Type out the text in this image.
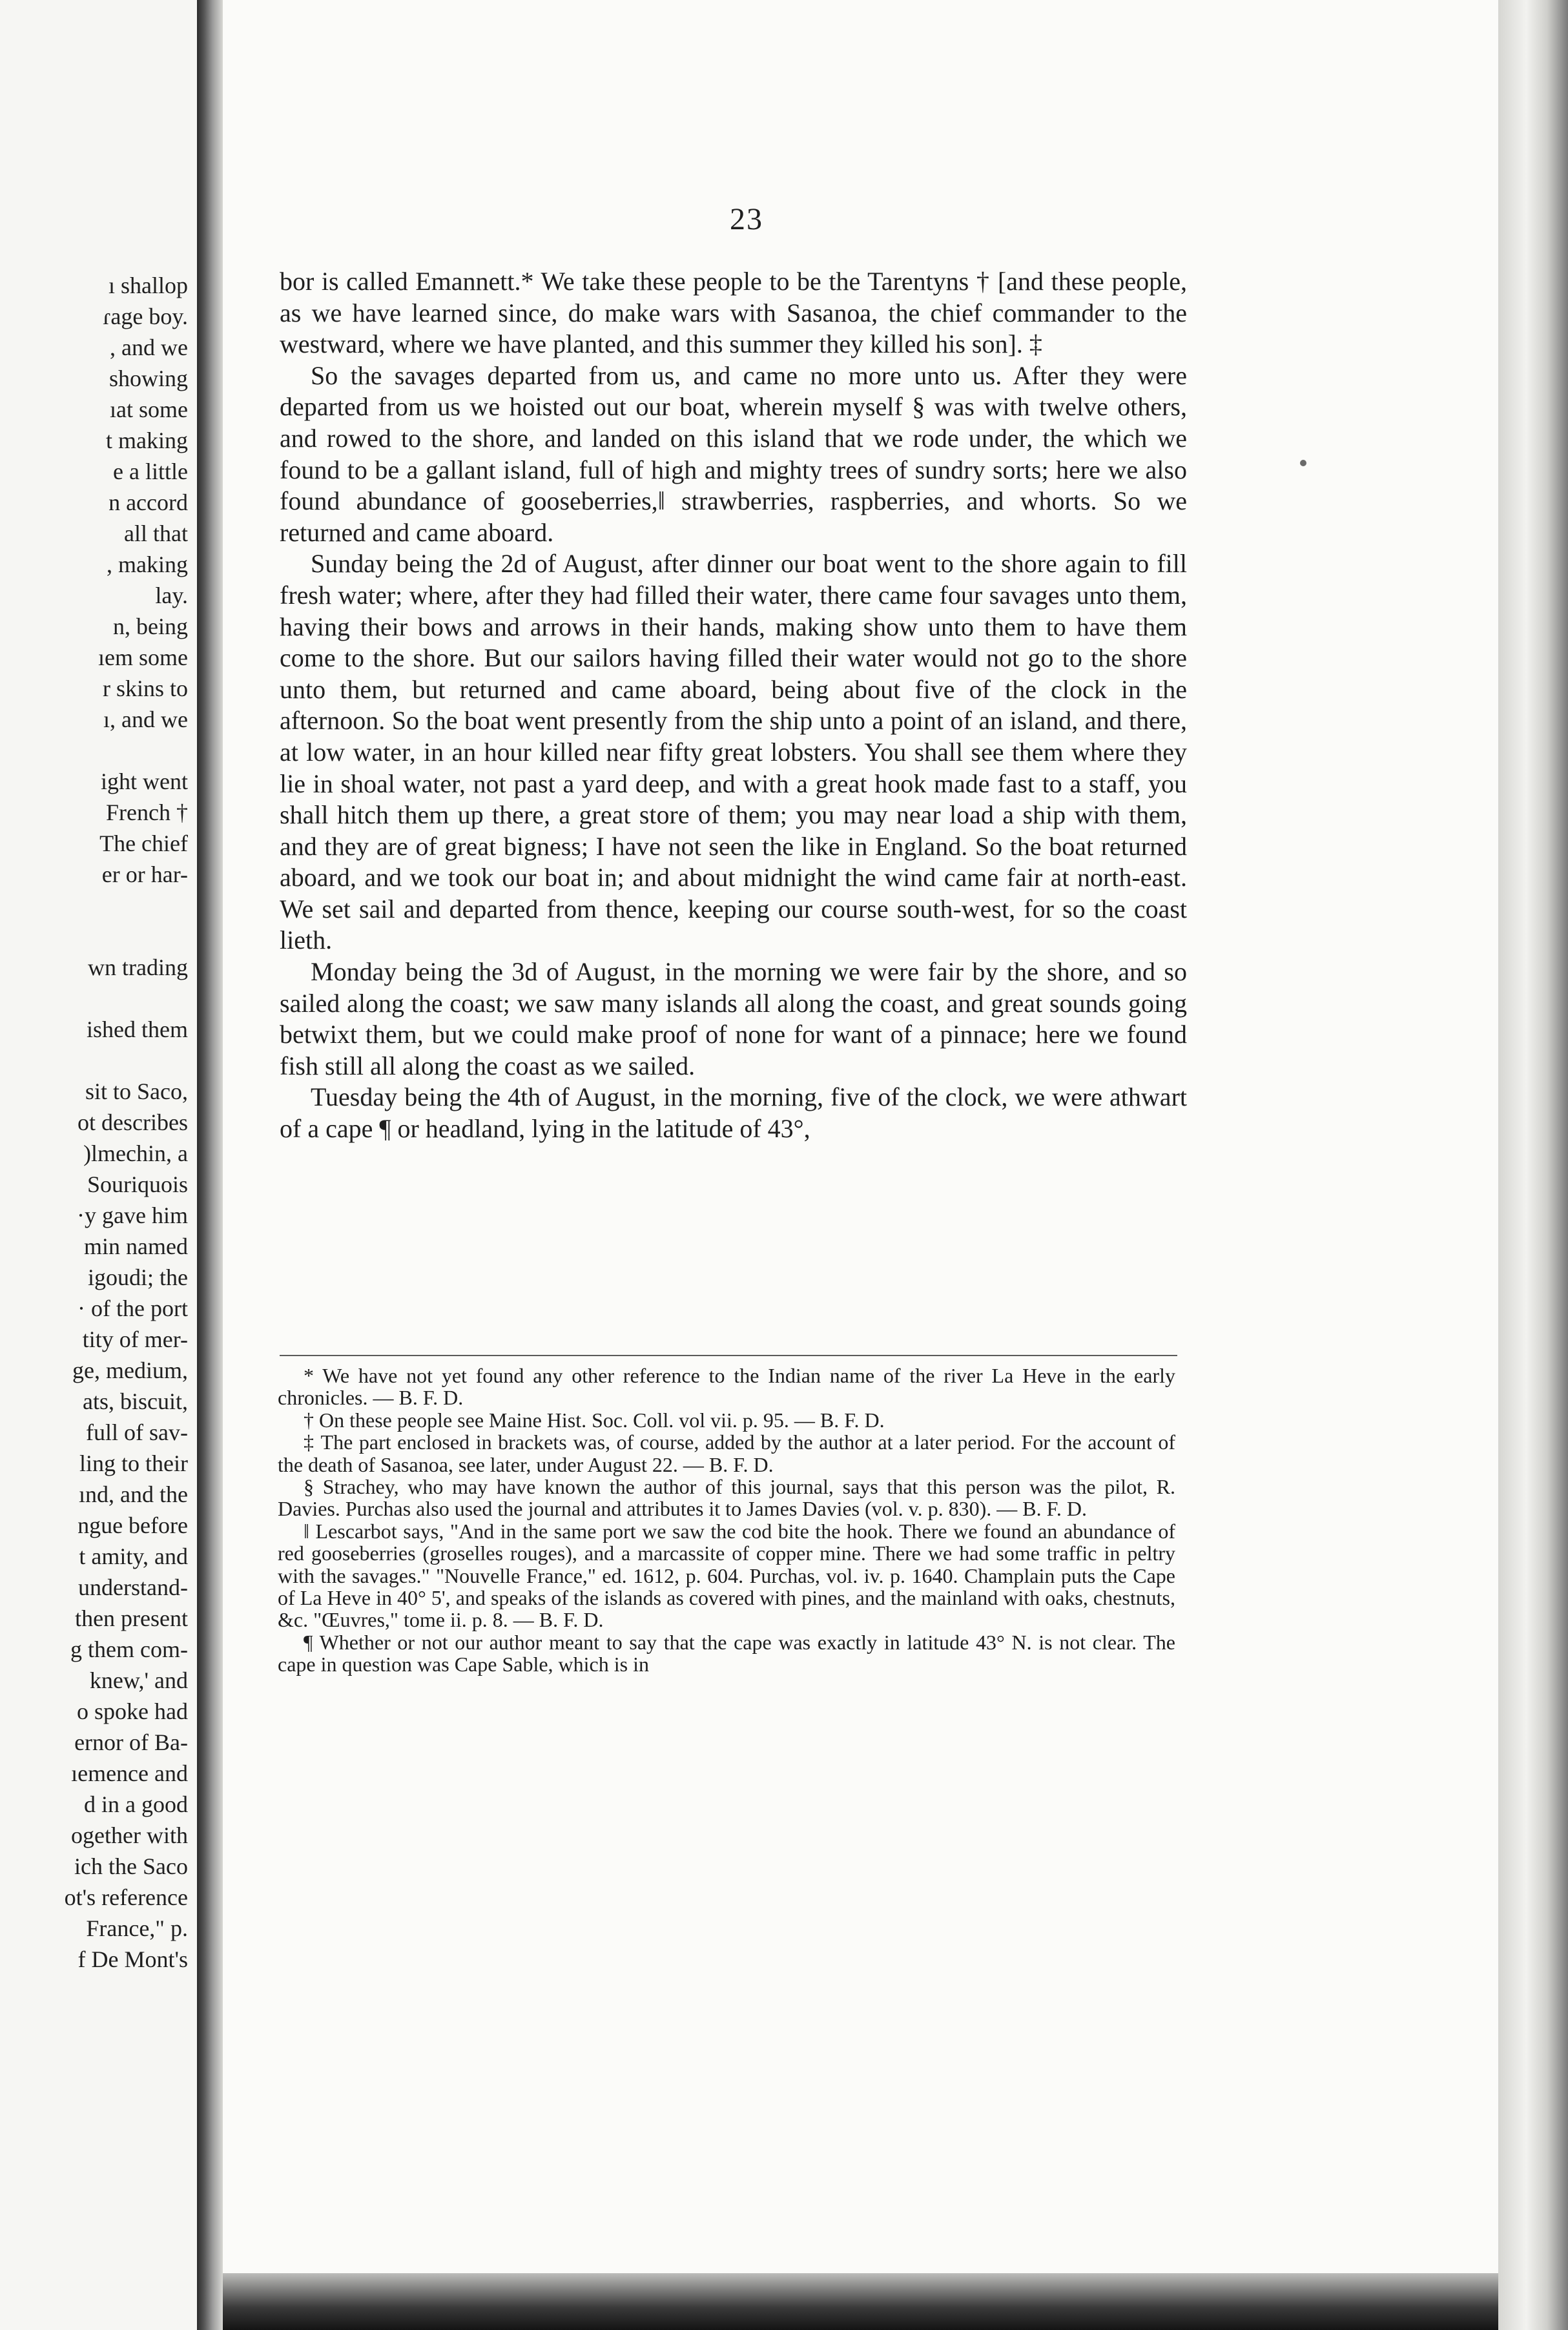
ı shallop
ɾage boy.
, and we
showing
ıat some
t making
e a little
n accord
all that
, making
lay.
n, being
ıem some
r skins to
ı, and we
ight went
French †
The chief
er or har-
wn trading
ished them
sit to Saco,
ot describes
)lmechin, a
Souriquois
·y gave him
min named
igoudi; the
· of the port
tity of mer-
ge, medium,
ats, biscuit,
full of sav-
ling to their
ınd, and the
ngue before
t amity, and
understand-
then present
g them com-
knew,' and
o spoke had
ernor of Ba-
ıemence and
d in a good
ogether with
ich the Saco
ot's reference
France," p.
f De Mont's
23

bor is called Emannett.* We take these people to be the Tarentyns † [and these people, as we have learned since, do make wars with Sasanoa, the chief commander to the westward, where we have planted, and this summer they killed his son]. ‡

So the savages departed from us, and came no more unto us. After they were departed from us we hoisted out our boat, wherein myself § was with twelve others, and rowed to the shore, and landed on this island that we rode under, the which we found to be a gallant island, full of high and mighty trees of sundry sorts; here we also found abundance of gooseberries,‖ strawberries, raspberries, and whorts. So we returned and came aboard.

Sunday being the 2d of August, after dinner our boat went to the shore again to fill fresh water; where, after they had filled their water, there came four savages unto them, having their bows and arrows in their hands, making show unto them to have them come to the shore. But our sailors having filled their water would not go to the shore unto them, but returned and came aboard, being about five of the clock in the afternoon. So the boat went presently from the ship unto a point of an island, and there, at low water, in an hour killed near fifty great lobsters. You shall see them where they lie in shoal water, not past a yard deep, and with a great hook made fast to a staff, you shall hitch them up there, a great store of them; you may near load a ship with them, and they are of great bigness; I have not seen the like in England. So the boat returned aboard, and we took our boat in; and about midnight the wind came fair at north-east. We set sail and departed from thence, keeping our course south-west, for so the coast lieth.

Monday being the 3d of August, in the morning we were fair by the shore, and so sailed along the coast; we saw many islands all along the coast, and great sounds going betwixt them, but we could make proof of none for want of a pinnace; here we found fish still all along the coast as we sailed.

Tuesday being the 4th of August, in the morning, five of the clock, we were athwart of a cape ¶ or headland, lying in the latitude of 43°,

* We have not yet found any other reference to the Indian name of the river La Heve in the early chronicles. — B. F. D.

† On these people see Maine Hist. Soc. Coll. vol vii. p. 95. — B. F. D.

‡ The part enclosed in brackets was, of course, added by the author at a later period. For the account of the death of Sasanoa, see later, under August 22. — B. F. D.

§ Strachey, who may have known the author of this journal, says that this person was the pilot, R. Davies. Purchas also used the journal and attributes it to James Davies (vol. v. p. 830). — B. F. D.

‖ Lescarbot says, "And in the same port we saw the cod bite the hook. There we found an abundance of red gooseberries (groselles rouges), and a marcassite of copper mine. There we had some traffic in peltry with the savages." "Nouvelle France," ed. 1612, p. 604. Purchas, vol. iv. p. 1640. Champlain puts the Cape of La Heve in 40° 5', and speaks of the islands as covered with pines, and the mainland with oaks, chestnuts, &c. "Œuvres," tome ii. p. 8. — B. F. D.

¶ Whether or not our author meant to say that the cape was exactly in latitude 43° N. is not clear. The cape in question was Cape Sable, which is in
